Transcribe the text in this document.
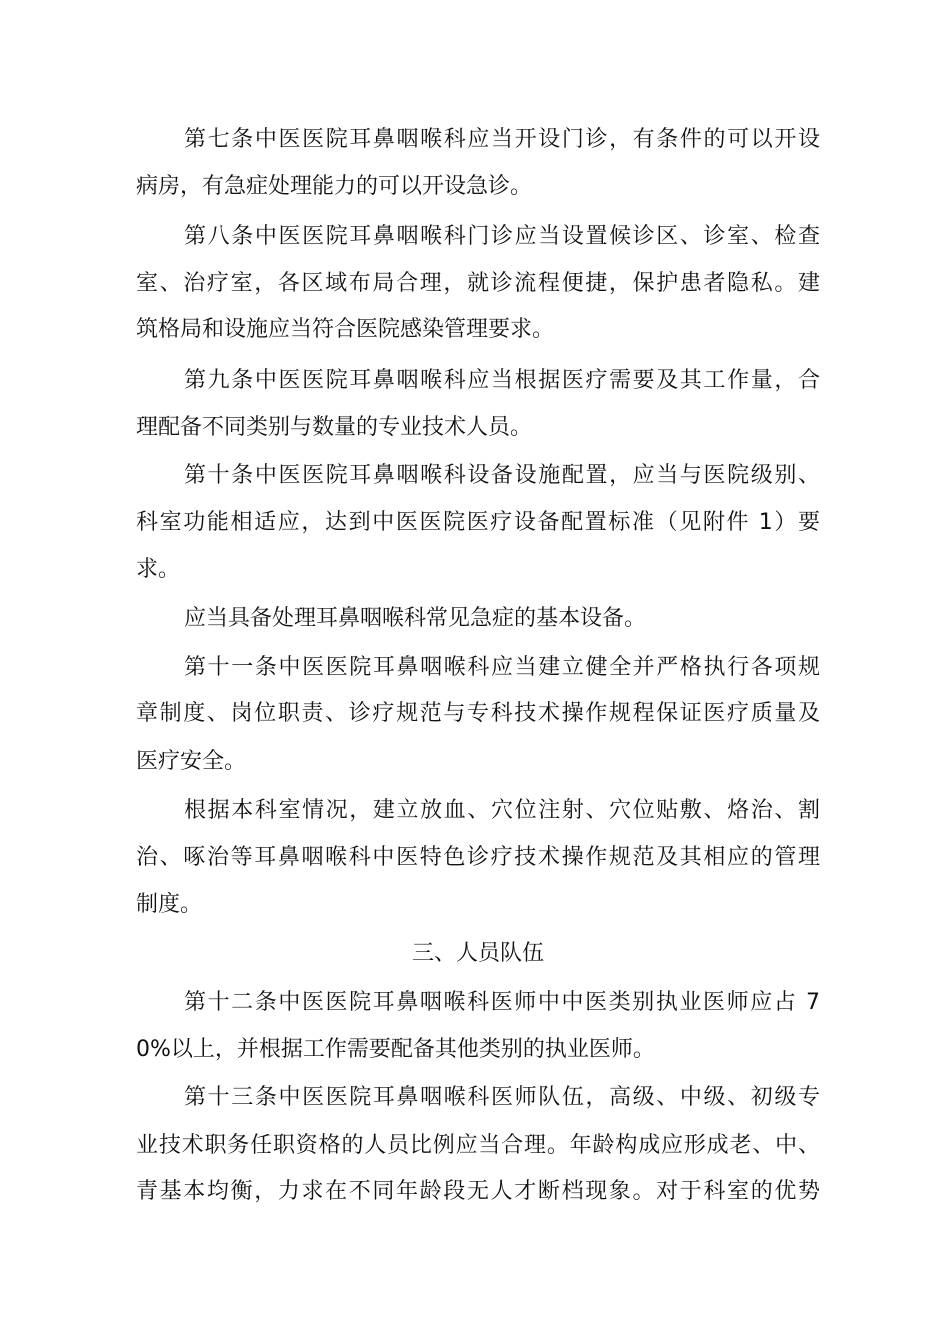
第七条中医医院耳鼻咽喉科应当开设门诊，有条件的可以开设
病房，有急症处理能力的可以开设急诊。
第八条中医医院耳鼻咽喉科门诊应当设置候诊区、诊室、检查
室、治疗室，各区域布局合理，就诊流程便捷，保护患者隐私。建
筑格局和设施应当符合医院感染管理要求。
第九条中医医院耳鼻咽喉科应当根据医疗需要及其工作量，合
理配备不同类别与数量的专业技术人员。
第十条中医医院耳鼻咽喉科设备设施配置，应当与医院级别、
科室功能相适应，达到中医医院医疗设备配置标准（见附件 1）要
求。
应当具备处理耳鼻咽喉科常见急症的基本设备。
第十一条中医医院耳鼻咽喉科应当建立健全并严格执行各项规
章制度、岗位职责、诊疗规范与专科技术操作规程保证医疗质量及
医疗安全。
根据本科室情况，建立放血、穴位注射、穴位贴敷、烙治、割
治、啄治等耳鼻咽喉科中医特色诊疗技术操作规范及其相应的管理
制度。
三、人员队伍
第十二条中医医院耳鼻咽喉科医师中中医类别执业医师应占 7
0%以上，并根据工作需要配备其他类别的执业医师。
第十三条中医医院耳鼻咽喉科医师队伍，高级、中级、初级专
业技术职务任职资格的人员比例应当合理。年龄构成应形成老、中、
青基本均衡，力求在不同年龄段无人才断档现象。对于科室的优势
